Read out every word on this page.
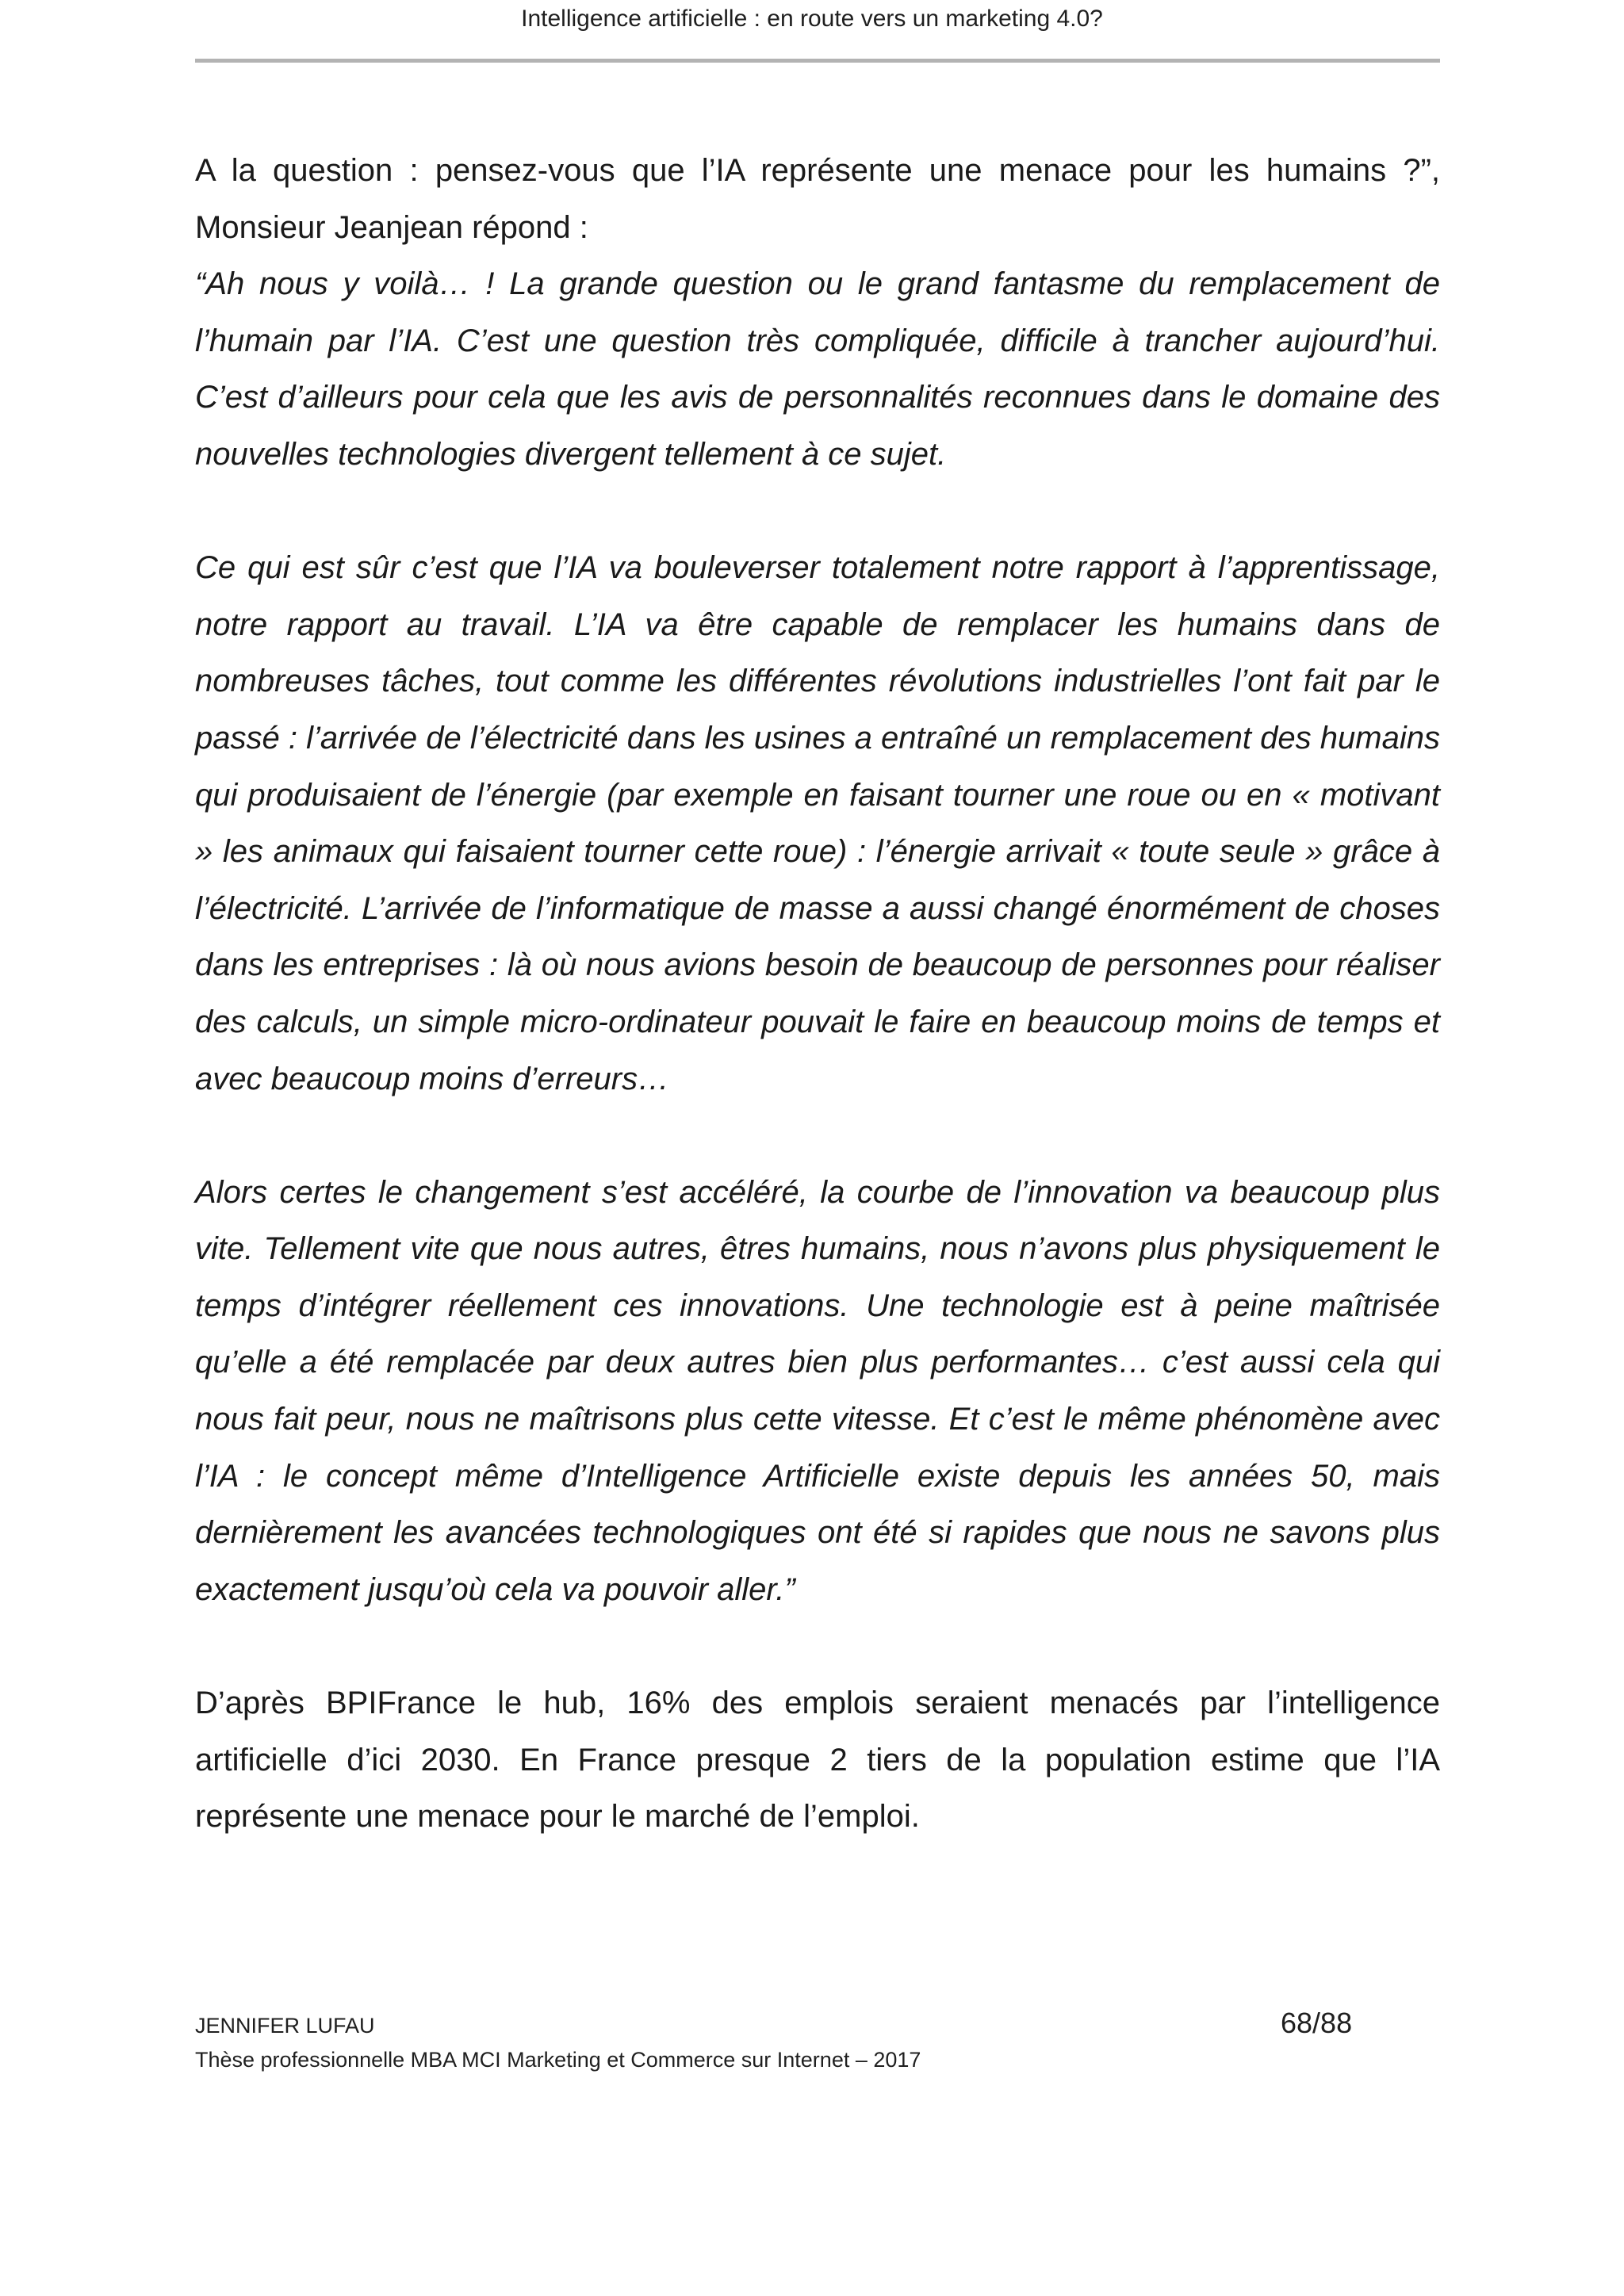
Intelligence artificielle : en route vers un marketing 4.0?

A la question : pensez-vous que l’IA représente une menace pour les humains ?”, Monsieur Jeanjean répond :
“Ah nous y voilà… ! La grande question ou le grand fantasme du remplacement de l’humain par l’IA. C’est une question très compliquée, difficile à trancher aujourd’hui. C’est d’ailleurs pour cela que les avis de personnalités reconnues dans le domaine des nouvelles technologies divergent tellement à ce sujet.

Ce qui est sûr c’est que l’IA va bouleverser totalement notre rapport à l’apprentissage, notre rapport au travail. L’IA va être capable de remplacer les humains dans de nombreuses tâches, tout comme les différentes révolutions industrielles l’ont fait par le passé : l’arrivée de l’électricité dans les usines a entraîné un remplacement des humains qui produisaient de l’énergie (par exemple en faisant tourner une roue ou en « motivant » les animaux qui faisaient tourner cette roue) : l’énergie arrivait « toute seule » grâce à l’électricité. L’arrivée de l’informatique de masse a aussi changé énormément de choses dans les entreprises : là où nous avions besoin de beaucoup de personnes pour réaliser des calculs, un simple micro-ordinateur pouvait le faire en beaucoup moins de temps et avec beaucoup moins d’erreurs…

Alors certes le changement s’est accéléré, la courbe de l’innovation va beaucoup plus vite. Tellement vite que nous autres, êtres humains, nous n’avons plus physiquement le temps d’intégrer réellement ces innovations. Une technologie est à peine maîtrisée qu’elle a été remplacée par deux autres bien plus performantes… c’est aussi cela qui nous fait peur, nous ne maîtrisons plus cette vitesse. Et c’est le même phénomène avec l’IA : le concept même d’Intelligence Artificielle existe depuis les années 50, mais dernièrement les avancées technologiques ont été si rapides que nous ne savons plus exactement jusqu’où cela va pouvoir aller.”

D’après BPIFrance le hub, 16% des emplois seraient menacés par l’intelligence artificielle d’ici 2030. En France presque 2 tiers de la population estime que l’IA représente une menace pour le marché de l’emploi.

JENNIFER LUFAU
Thèse professionnelle MBA MCI Marketing et Commerce sur Internet – 2017
68/88
